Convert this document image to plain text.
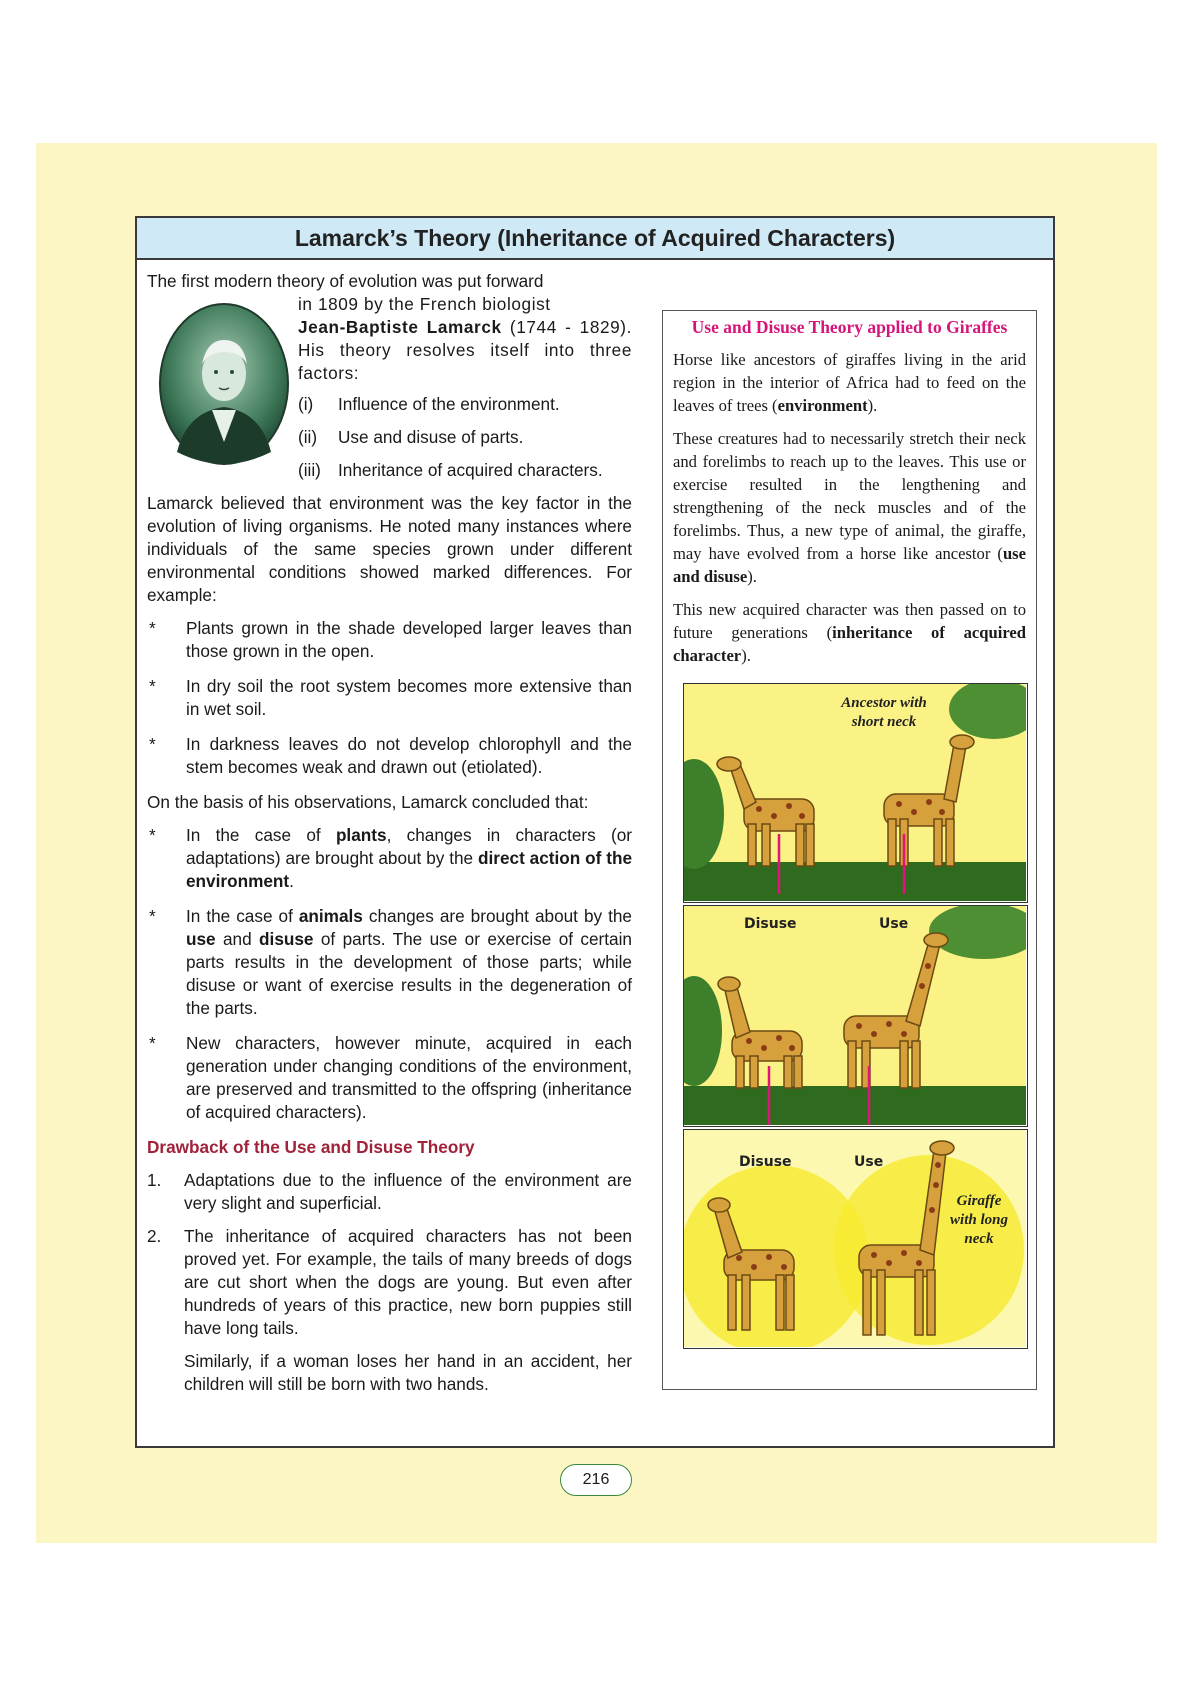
Lamarck’s Theory (Inheritance of Acquired Characters)

The first modern theory of evolution was put forward

in 1809 by the French biologist
Jean-Baptiste Lamarck (1744 - 1829). His theory resolves itself into three factors:

(i)	Influence of the environment.
(ii)	Use and disuse of parts.
(iii) Inheritance of acquired characters.

Lamarck believed that environment was the key factor in the evolution of living organisms. He noted many instances where individuals of the same species grown under different environmental conditions showed marked differences. For example:

*	Plants grown in the shade developed larger leaves than those grown in the open.
*	In dry soil the root system becomes more extensive than in wet soil.
*	In darkness leaves do not develop chlorophyll and the stem becomes weak and drawn out (etiolated).

On the basis of his observations, Lamarck concluded that:

*	In the case of plants, changes in characters (or adaptations) are brought about by the direct action of the environment.
*	In the case of animals changes are brought about by the use and disuse of parts. The use or exercise of certain parts results in the development of those parts; while disuse or want of exercise results in the degeneration of the parts.
*	New characters, however minute, acquired in each generation under changing conditions of the environment, are preserved and transmitted to the offspring (inheritance of acquired characters).
Drawback of the Use and Disuse Theory
1.	Adaptations due to the influence of the environment are very slight and superficial.
2.	The inheritance of acquired characters has not been proved yet. For example, the tails of many breeds of dogs are cut short when the dogs are young. But even after hundreds of years of this practice, new born puppies still have long tails.

Similarly, if a woman loses her hand in an accident, her children will still be born with two hands.

Use and Disuse Theory applied to Giraffes

Horse like ancestors of giraffes living in the arid region in the interior of Africa had to feed on the leaves of trees (environment).

These creatures had to necessarily stretch their neck and forelimbs to reach up to the leaves. This use or exercise resulted in the lengthening and strengthening of the neck muscles and of the forelimbs. Thus, a new type of animal, the giraffe, may have evolved from a horse like ancestor (use and disuse).

This new acquired character was then passed on to future generations (inheritance of acquired character).

Ancestor with
short neck
Disuse	Use
Disuse	Use
Giraffe
with long
neck
216
